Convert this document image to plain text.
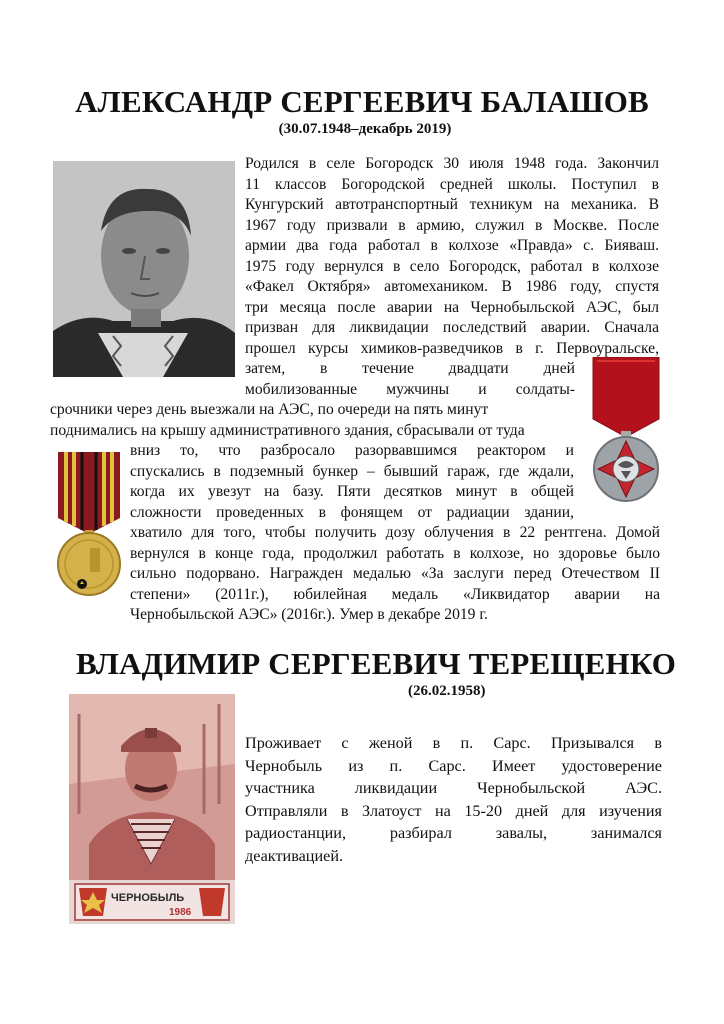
АЛЕКСАНДР СЕРГЕЕВИЧ БАЛАШОВ
(30.07.1948–декабрь 2019)
Родился в селе Богородск 30 июля 1948 года. Закончил
11 классов Богородской средней школы. Поступил в
Кунгурский автотранспортный техникум на механика. В
1967 году призвали в армию, служил в Москве. После
армии два года работал в колхозе «Правда» с. Бияваш.
1975 году вернулся в село Богородск, работал в колхозе
«Факел Октября» автомехаником. В 1986 году, спустя
три месяца после аварии на Чернобыльской АЭС, был
призван для ликвидации последствий аварии. Сначала
прошел курсы химиков-разведчиков в г. Первоуральске,
затем, в течение двадцати дней
мобилизованные мужчины и солдаты-
срочники через день выезжали на АЭС, по очереди на пять минут
поднимались на крышу административного здания, сбрасывали от туда
вниз то, что разбросало разорвавшимся реактором и
спускались в подземный бункер – бывший гараж, где ждали,
когда их увезут на базу. Пяти десятков минут в общей
сложности проведенных в фонящем от радиации здании,
хватило для того, чтобы получить дозу облучения в 22 рентгена. Домой
вернулся в конце года, продолжил работать в колхозе, но здоровье было
сильно подорвано. Награжден медалью «За заслуги перед Отечеством II
степени» (2011г.), юбилейная медаль «Ликвидатор аварии на
Чернобыльской АЭС» (2016г.). Умер в декабре 2019 г.
ВЛАДИМИР СЕРГЕЕВИЧ ТЕРЕЩЕНКО
(26.02.1958)
ЧЕРНОБЫЛЬ
1986
Проживает с женой в п. Сарс. Призывался в
Чернобыль из п. Сарс. Имеет удостоверение
участника ликвидации Чернобыльской АЭС.
Отправляли в Златоуст на 15-20 дней для изучения
радиостанции, разбирал завалы, занимался
деактивацией.
